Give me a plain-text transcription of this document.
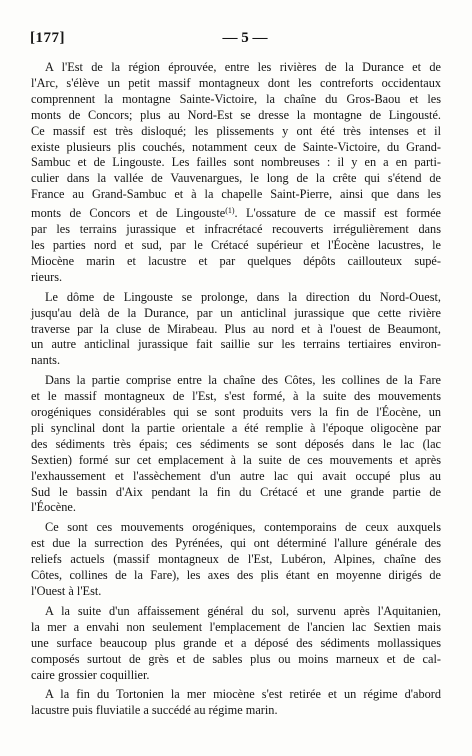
[177]	— 5 —

A l'Est de la région éprouvée, entre les rivières de la Durance et de
l'Arc, s'élève un petit massif montagneux dont les contreforts occidentaux
comprennent la montagne Sainte-Victoire, la chaîne du Gros-Baou et les
monts de Concors; plus au Nord-Est se dresse la montagne de Lingousté.
Ce massif est très disloqué; les plissements y ont été très intenses et il
existe plusieurs plis couchés, notamment ceux de Sainte-Victoire, du Grand-
Sambuc et de Lingouste. Les failles sont nombreuses : il y en a en parti-
culier dans la vallée de Vauvenargues, le long de la crête qui s'étend de
France au Grand-Sambuc et à la chapelle Saint-Pierre, ainsi que dans les
monts de Concors et de Lingouste$^{(1)}$. L'ossature de ce massif est formée
par les terrains jurassique et infracrétacé recouverts irrégulièrement dans
les parties nord et sud, par le Crétacé supérieur et l'Éocène lacustres, le
Miocène marin et lacustre et par quelques dépôts caillouteux supé-
rieurs.

Le dôme de Lingouste se prolonge, dans la direction du Nord-Ouest,
jusqu'au delà de la Durance, par un anticlinal jurassique que cette rivière
traverse par la cluse de Mirabeau. Plus au nord et à l'ouest de Beaumont,
un autre anticlinal jurassique fait saillie sur les terrains tertiaires environ-
nants.

Dans la partie comprise entre la chaîne des Côtes, les collines de la Fare
et le massif montagneux de l'Est, s'est formé, à la suite des mouvements
orogéniques considérables qui se sont produits vers la fin de l'Éocène, un
pli synclinal dont la partie orientale a été remplie à l'époque oligocène par
des sédiments très épais; ces sédiments se sont déposés dans le lac (lac
Sextien) formé sur cet emplacement à la suite de ces mouvements et après
l'exhaussement et l'assèchement d'un autre lac qui avait occupé plus au
Sud le bassin d'Aix pendant la fin du Crétacé et une grande partie de
l'Éocène.

Ce sont ces mouvements orogéniques, contemporains de ceux auxquels
est due la surrection des Pyrénées, qui ont déterminé l'allure générale des
reliefs actuels (massif montagneux de l'Est, Lubéron, Alpines, chaîne des
Côtes, collines de la Fare), les axes des plis étant en moyenne dirigés de
l'Ouest à l'Est.

A la suite d'un affaissement général du sol, survenu après l'Aquitanien,
la mer a envahi non seulement l'emplacement de l'ancien lac Sextien mais
une surface beaucoup plus grande et a déposé des sédiments mollassiques
composés surtout de grès et de sables plus ou moins marneux et de cal-
caire grossier coquillier.

A la fin du Tortonien la mer miocène s'est retirée et un régime d'abord
lacustre puis fluviatile a succédé au régime marin.
